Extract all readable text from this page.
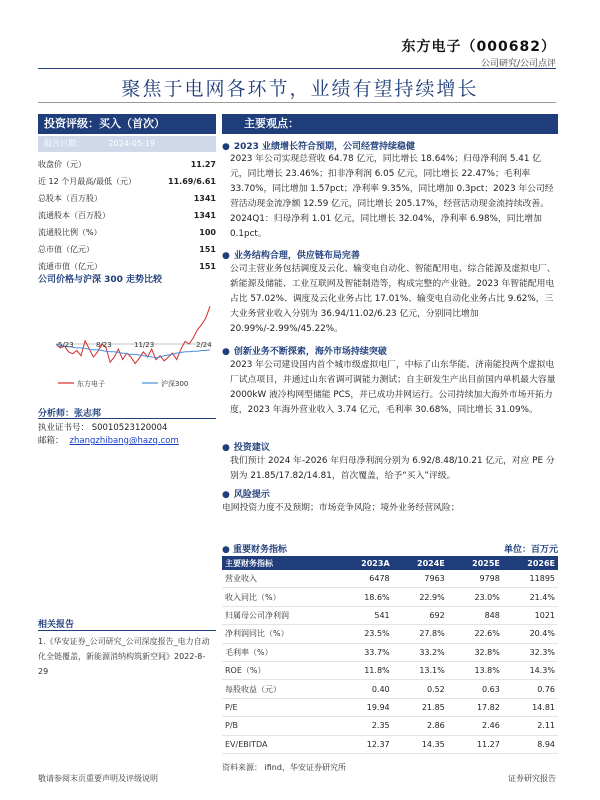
东方电子（000682）
公司研究/公司点评
聚焦于电网各环节，业绩有望持续增长
投资评级：买入（首次）
报告日期：	2024-05-19
收盘价（元）	11.27
近 12 个月最高/最低（元）	11.69/6.61
总股本（百万股）	1341
流通股本（百万股）	1341
流通股比例（%）	100
总市值（亿元）	151
流通市值（亿元）	151
公司价格与沪深 300 走势比较
5/23	8/23	11/23	2/24
东方电子	沪深300
分析师：张志邦
执业证书号： S0010523120004
邮箱： zhangzhibang@hazq.com
相关报告
1.《华安证券_公司研究_公司深度报告_电力自动化全链覆盖，新能源消纳构筑新空间》2022-8-29
主要观点：
● 2023 业绩增长符合预期，公司经营持续稳健
2023 年公司实现总营收 64.78 亿元，同比增长 18.64%；归母净利润 5.41 亿元，同比增长 23.46%；扣非净利润 6.05 亿元，同比增长 22.47%；毛利率 33.70%，同比增加 1.57pct；净利率 9.35%，同比增加 0.3pct；2023 年公司经营活动现金流净额 12.59 亿元，同比增长 205.17%，经营活动现金流持续改善。2024Q1：归母净利 1.01 亿元，同比增长 32.04%，净利率 6.98%，同比增加 0.1pct。
● 业务结构合理，供应链布局完善
公司主营业务包括调度及云化、输变电自动化、智能配用电、综合能源及虚拟电厂、新能源及储能、工业互联网及智能制造等，构成完整的产业链。2023 年智能配用电占比 57.02%、调度及云化业务占比 17.01%、输变电自动化业务占比 9.62%，三大业务营业收入分别为 36.94/11.02/6.23 亿元，分别同比增加 20.99%/-2.99%/45.22%。
● 创新业务不断探索，海外市场持续突破
2023 年公司建设国内首个城市级虚拟电厂，中标了山东华能、济南能投两个虚拟电厂试点项目，并通过山东省调可调能力测试；自主研发生产出目前国内单机最大容量 2000kW 液冷构网型储能 PCS，并已成功并网运行。公司持续加大海外市场开拓力度，2023 年海外营业收入 3.74 亿元，毛利率 30.68%，同比增长 31.09%。
● 投资建议
我们预计 2024 年-2026 年归母净利润分别为 6.92/8.48/10.21 亿元，对应 PE 分别为 21.85/17.82/14.81，首次覆盖，给予“买入”评级。
● 风险提示
电网投资力度不及预期；市场竞争风险；境外业务经营风险；
● 重要财务指标	单位：百万元
主要财务指标	2023A	2024E	2025E	2026E
营业收入	6478	7963	9798	11895
收入同比（%）	18.6%	22.9%	23.0%	21.4%
归属母公司净利润	541	692	848	1021
净利润同比（%）	23.5%	27.8%	22.6%	20.4%
毛利率（%）	33.7%	33.2%	32.8%	32.3%
ROE（%）	11.8%	13.1%	13.8%	14.3%
每股收益（元）	0.40	0.52	0.63	0.76
P/E	19.94	21.85	17.82	14.81
P/B	2.35	2.86	2.46	2.11
EV/EBITDA	12.37	14.35	11.27	8.94
资料来源： ifind，华安证券研究所
敬请参阅末页重要声明及评级说明	证券研究报告
